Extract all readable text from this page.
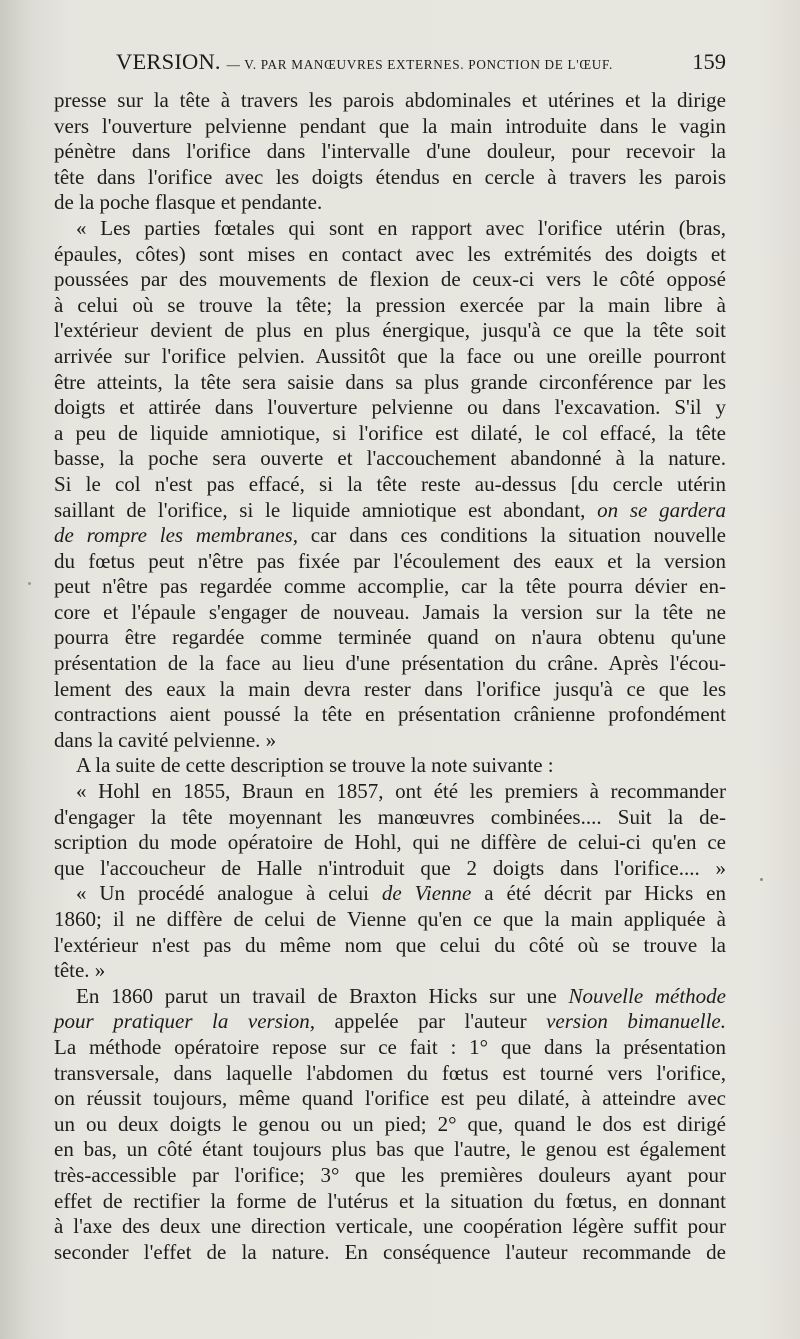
VERSION. — V. PAR MANŒUVRES EXTERNES. PONCTION DE L'ŒUF.	159

presse sur la tête à travers les parois abdominales et utérines et la dirige

vers l'ouverture pelvienne pendant que la main introduite dans le vagin

pénètre dans l'orifice dans l'intervalle d'une douleur, pour recevoir la

tête dans l'orifice avec les doigts étendus en cercle à travers les parois

de la poche flasque et pendante.

« Les parties fœtales qui sont en rapport avec l'orifice utérin (bras,

épaules, côtes) sont mises en contact avec les extrémités des doigts et

poussées par des mouvements de flexion de ceux-ci vers le côté opposé

à celui où se trouve la tête; la pression exercée par la main libre à

l'extérieur devient de plus en plus énergique, jusqu'à ce que la tête soit

arrivée sur l'orifice pelvien. Aussitôt que la face ou une oreille pourront

être atteints, la tête sera saisie dans sa plus grande circonférence par les

doigts et attirée dans l'ouverture pelvienne ou dans l'excavation. S'il y

a peu de liquide amniotique, si l'orifice est dilaté, le col effacé, la tête

basse, la poche sera ouverte et l'accouchement abandonné à la nature.

Si le col n'est pas effacé, si la tête reste au-dessus [du cercle utérin

saillant de l'orifice, si le liquide amniotique est abondant, on se gardera

de rompre les membranes, car dans ces conditions la situation nouvelle

du fœtus peut n'être pas fixée par l'écoulement des eaux et la version

peut n'être pas regardée comme accomplie, car la tête pourra dévier en-

core et l'épaule s'engager de nouveau. Jamais la version sur la tête ne

pourra être regardée comme terminée quand on n'aura obtenu qu'une

présentation de la face au lieu d'une présentation du crâne. Après l'écou-

lement des eaux la main devra rester dans l'orifice jusqu'à ce que les

contractions aient poussé la tête en présentation crânienne profondément

dans la cavité pelvienne. »

A la suite de cette description se trouve la note suivante :

« Hohl en 1855, Braun en 1857, ont été les premiers à recommander

d'engager la tête moyennant les manœuvres combinées.... Suit la de-

scription du mode opératoire de Hohl, qui ne diffère de celui-ci qu'en ce

que l'accoucheur de Halle n'introduit que 2 doigts dans l'orifice.... »

« Un procédé analogue à celui de Vienne a été décrit par Hicks en

1860; il ne diffère de celui de Vienne qu'en ce que la main appliquée à

l'extérieur n'est pas du même nom que celui du côté où se trouve la

tête. »

En 1860 parut un travail de Braxton Hicks sur une Nouvelle méthode

pour pratiquer la version, appelée par l'auteur version bimanuelle.

La méthode opératoire repose sur ce fait : 1° que dans la présentation

transversale, dans laquelle l'abdomen du fœtus est tourné vers l'orifice,

on réussit toujours, même quand l'orifice est peu dilaté, à atteindre avec

un ou deux doigts le genou ou un pied; 2° que, quand le dos est dirigé

en bas, un côté étant toujours plus bas que l'autre, le genou est également

très-accessible par l'orifice; 3° que les premières douleurs ayant pour

effet de rectifier la forme de l'utérus et la situation du fœtus, en donnant

à l'axe des deux une direction verticale, une coopération légère suffit pour

seconder l'effet de la nature. En conséquence l'auteur recommande de
